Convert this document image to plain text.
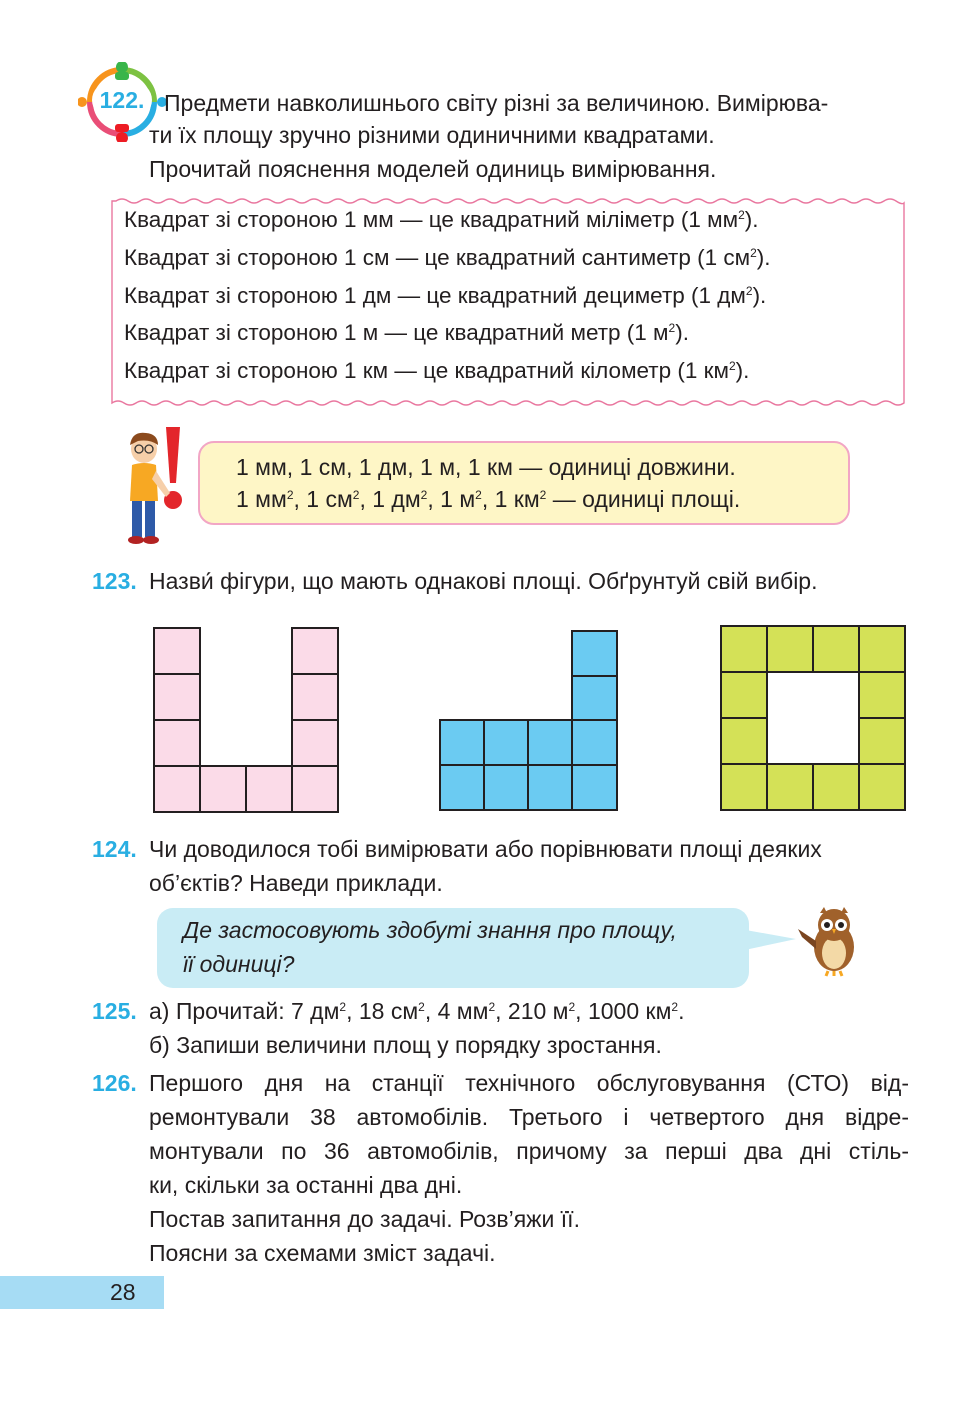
122. Предмети навколишнього світу різні за величиною. Вимірюва-
ти їх площу зручно різними одиничними квадратами.
Прочитай пояснення моделей одиниць вимірювання.
Квадрат зі стороною 1 мм — це квадратний міліметр (1 $мм^2$).
Квадрат зі стороною 1 см — це квадратний сантиметр (1 $см^2$).
Квадрат зі стороною 1 дм — це квадратний дециметр (1 $дм^2$).
Квадрат зі стороною 1 м — це квадратний метр (1 $м^2$).
Квадрат зі стороною 1 км — це квадратний кілометр (1 $км^2$).
1 мм, 1 см, 1 дм, 1 м, 1 км — одиниці довжини.
1 $мм^2$, 1 $см^2$, 1 $дм^2$, 1 $м^2$, 1 $км^2$ — одиниці площі.
123. Назви́ фігури, що мають однакові площі. Обґрунтуй свій вибір.
124. Чи доводилося тобі вимірювати або порівнювати площі деяких
об’єктів? Наведи приклади.
Де застосовують здобуті знання про площу,
її одиниці?
125. а) Прочитай: 7 $дм^2$, 18 $см^2$, 4 $мм^2$, 210 $м^2$, 1000 $км^2$.
б) Запиши величини площ у порядку зростання.
126. Першого дня на станції технічного обслуговування (СТО) від-
ремонтували 38 автомобілів. Третього і четвертого дня відре-
монтували по 36 автомобілів, причому за перші два дні стіль-
ки, скільки за останні два дні.
Постав запитання до задачі. Розв’яжи її.
Поясни за схемами зміст задачі.
28
